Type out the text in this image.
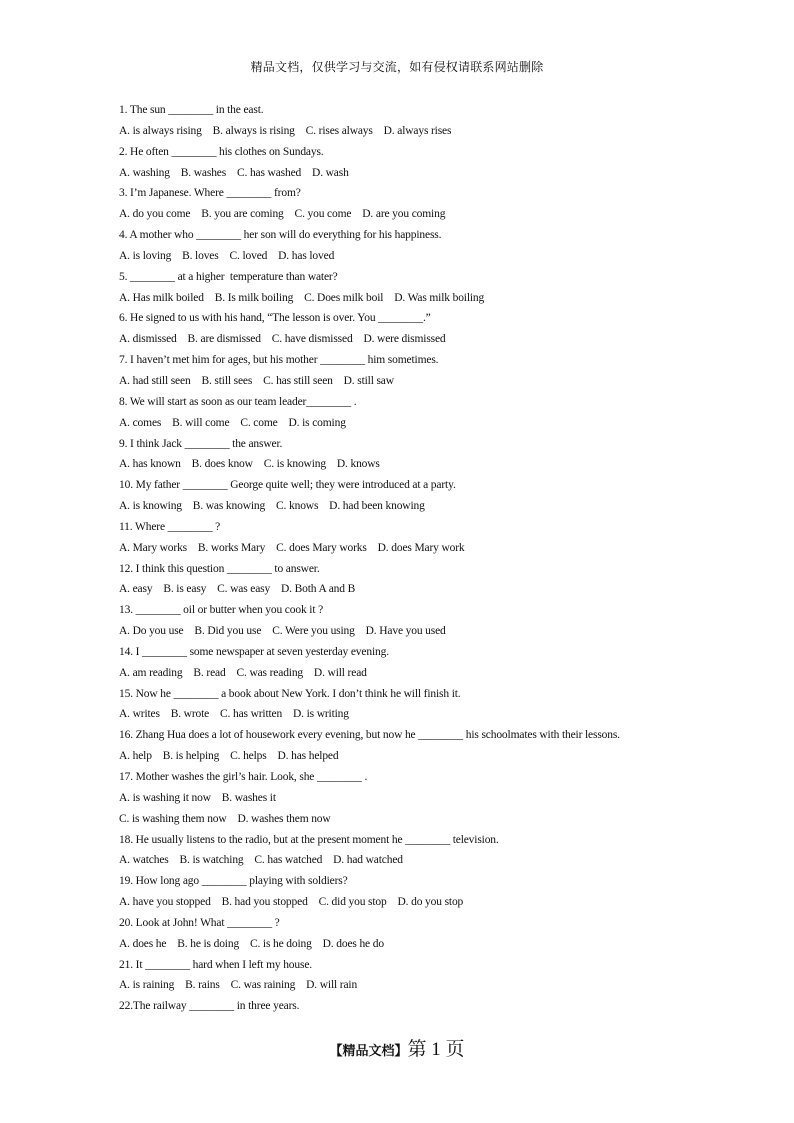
精品文档，仅供学习与交流，如有侵权请联系网站删除
1. The sun ________ in the east.
A. is always rising    B. always is rising    C. rises always    D. always rises
2. He often ________ his clothes on Sundays.
A. washing    B. washes    C. has washed    D. wash
3. I’m Japanese. Where ________ from?
A. do you come    B. you are coming    C. you come    D. are you coming
4. A mother who ________ her son will do everything for his happiness.
A. is loving    B. loves    C. loved    D. has loved
5. ________ at a higher  temperature than water?
A. Has milk boiled    B. Is milk boiling    C. Does milk boil    D. Was milk boiling
6. He signed to us with his hand, “The lesson is over. You ________.”
A. dismissed    B. are dismissed    C. have dismissed    D. were dismissed
7. I haven’t met him for ages, but his mother ________ him sometimes.
A. had still seen    B. still sees    C. has still seen    D. still saw
8. We will start as soon as our team leader________ .
A. comes    B. will come    C. come    D. is coming
9. I think Jack ________ the answer.
A. has known    B. does know    C. is knowing    D. knows
10. My father ________ George quite well; they were introduced at a party.
A. is knowing    B. was knowing    C. knows    D. had been knowing
11. Where ________ ?
A. Mary works    B. works Mary    C. does Mary works    D. does Mary work
12. I think this question ________ to answer.
A. easy    B. is easy    C. was easy    D. Both A and B
13. ________ oil or butter when you cook it ?
A. Do you use    B. Did you use    C. Were you using    D. Have you used
14. I ________ some newspaper at seven yesterday evening.
A. am reading    B. read    C. was reading    D. will read
15. Now he ________ a book about New York. I don’t think he will finish it.
A. writes    B. wrote    C. has written    D. is writing
16. Zhang Hua does a lot of housework every evening, but now he ________ his schoolmates with their lessons.
A. help    B. is helping    C. helps    D. has helped
17. Mother washes the girl’s hair. Look, she ________ .
A. is washing it now    B. washes it
C. is washing them now    D. washes them now
18. He usually listens to the radio, but at the present moment he ________ television.
A. watches    B. is watching    C. has watched    D. had watched
19. How long ago ________ playing with soldiers?
A. have you stopped    B. had you stopped    C. did you stop    D. do you stop
20. Look at John! What ________ ?
A. does he    B. he is doing    C. is he doing    D. does he do
21. It ________ hard when I left my house.
A. is raining    B. rains    C. was raining    D. will rain
22.The railway ________ in three years.
【精品文档】第 1 页
